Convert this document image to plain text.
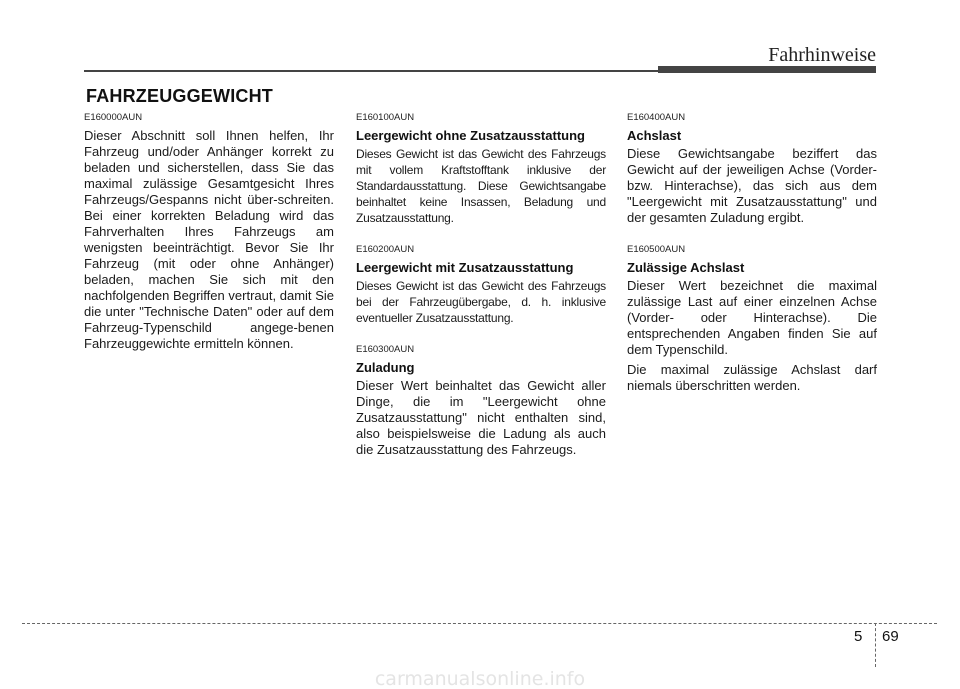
Fahrhinweise
FAHRZEUGGEWICHT
E160000AUN
Dieser Abschnitt soll Ihnen helfen, Ihr Fahrzeug und/oder Anhänger korrekt zu beladen und sicherstellen, dass Sie das maximal zulässige Gesamtgesicht Ihres Fahrzeugs/Gespanns nicht über-schreiten. Bei einer korrekten Beladung wird das Fahrverhalten Ihres Fahrzeugs am wenigsten beeinträchtigt. Bevor Sie Ihr Fahrzeug (mit oder ohne Anhänger) beladen, machen Sie sich mit den nachfolgenden Begriffen vertraut, damit Sie die unter "Technische Daten" oder auf dem Fahrzeug-Typenschild angege-benen Fahrzeuggewichte ermitteln können.
E160100AUN
Leergewicht ohne Zusatzausstattung
Dieses Gewicht ist das Gewicht des Fahrzeugs mit vollem Kraftstofftank inklusive der Standardausstattung. Diese Gewichtsangabe beinhaltet keine Insassen, Beladung und Zusatzausstattung.
E160200AUN
Leergewicht mit Zusatzausstattung
Dieses Gewicht ist das Gewicht des Fahrzeugs bei der Fahrzeugübergabe, d. h. inklusive eventueller Zusatzausstattung.
E160300AUN
Zuladung
Dieser Wert beinhaltet das Gewicht aller Dinge, die im "Leergewicht ohne Zusatzausstattung" nicht enthalten sind, also beispielsweise die Ladung als auch die Zusatzausstattung des Fahrzeugs.
E160400AUN
Achslast
Diese Gewichtsangabe beziffert das Gewicht auf der jeweiligen Achse (Vorder- bzw. Hinterachse), das sich aus dem "Leergewicht mit Zusatzausstattung" und der gesamten Zuladung ergibt.
E160500AUN
Zulässige Achslast
Dieser Wert bezeichnet die maximal zulässige Last auf einer einzelnen Achse (Vorder- oder Hinterachse). Die entsprechenden Angaben finden Sie auf dem Typenschild.
Die maximal zulässige Achslast darf niemals überschritten werden.
5 69
carmanualsonline.info
